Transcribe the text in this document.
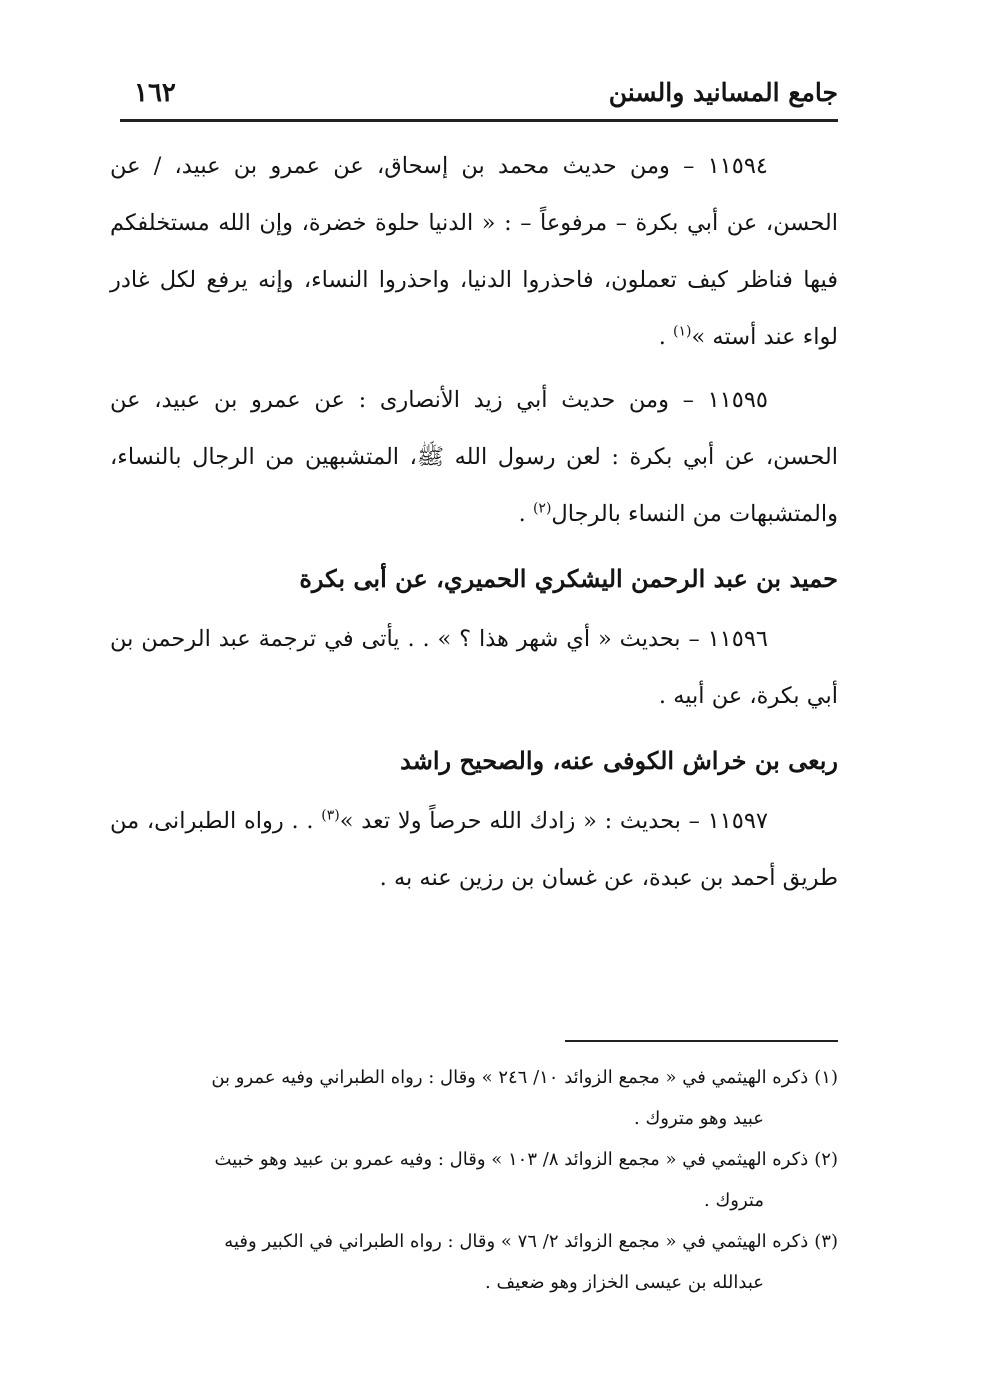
جامع المسانيد والسنن
١٦٢

١١٥٩٤ – ومن حديث محمد بن إسحاق، عن عمرو بن عبيد، / عن الحسن، عن أبي بكرة – مرفوعاً – : « الدنيا حلوة خضرة، وإن الله مستخلفكم فيها فناظر كيف تعملون، فاحذروا الدنيا، واحذروا النساء، وإنه يرفع لكل غادر لواء عند أسته »$^{(١)}$ .

١١٥٩٥ – ومن حديث أبي زيد الأنصارى : عن عمرو بن عبيد، عن الحسن، عن أبي بكرة : لعن رسول الله ﷺ، المتشبهين من الرجال بالنساء، والمتشبهات من النساء بالرجال$^{(٢)}$ .

حميد بن عبد الرحمن اليشكري الحميري، عن أبى بكرة

١١٥٩٦ – بحديث « أي شهر هذا ؟ » . . يأتى في ترجمة عبد الرحمن بن أبي بكرة، عن أبيه .

ربعى بن خراش الكوفى عنه، والصحيح راشد

١١٥٩٧ – بحديث : « زادك الله حرصاً ولا تعد »$^{(٣)}$ . . رواه الطبرانى، من طريق أحمد بن عبدة، عن غسان بن رزين عنه به .

(١)ذكره الهيثمي في « مجمع الزوائد ١٠/ ٢٤٦ » وقال : رواه الطبراني وفيه عمرو بن

عبيد وهو متروك .

(٢)ذكره الهيثمي في « مجمع الزوائد ٨/ ١٠٣ » وقال : وفيه عمرو بن عبيد وهو خبيث

متروك .

(٣)ذكره الهيثمي في « مجمع الزوائد ٢/ ٧٦ » وقال : رواه الطبراني في الكبير وفيه

عبدالله بن عيسى الخزاز وهو ضعيف .
